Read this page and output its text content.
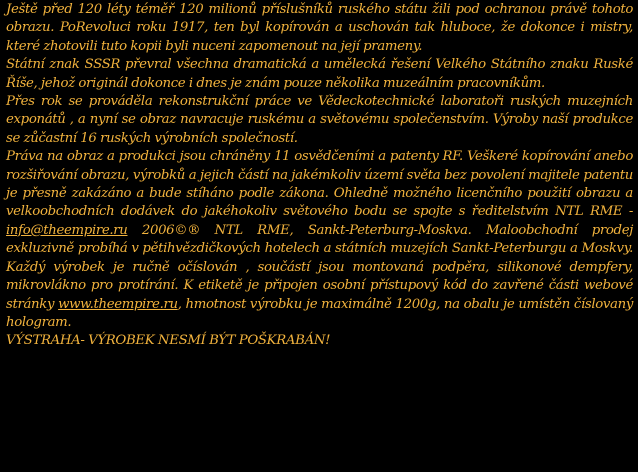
Ještě před 120 léty téměř 120 milionů příslušníků ruského státu žili pod ochranou právě tohoto obrazu. PoRevoluci roku 1917, ten byl kopírován a uschován tak hluboce, že dokonce i mistry, které zhotovili tuto kopii byli nuceni zapomenout na její prameny.

Státní znak SSSR převral všechna dramatická a umělecká řešení Velkého Státního znaku Ruské Říše, jehož originál dokonce i dnes je znám pouze několika muzeálním pracovníkům.

Přes rok se prováděla rekonstrukční práce ve Vědeckotechnické laboratoři ruských muzejních exponátů , a nyní se obraz navracuje ruskému a světovému společenstvím. Výroby naší produkce se zůčastní 16 ruských výrobních společností.

Práva na obraz a produkci jsou chráněny 11 osvědčeními a patenty RF. Veškeré kopírování anebo rozšiřování obrazu, výrobků a jejich částí na jakémkoliv území světa bez povolení majitele patentu je přesně zakázáno a bude stíháno podle zákona. Ohledně možného licenčního použití obrazu a velkoobchodních dodávek do jakéhokoliv světového bodu se spojte s ředitelstvím NTL RME - info@theempire.ru 2006©® NTL RME, Sankt-Peterburg-Moskva. Maloobchodní prodej exkluzivně probíhá v pětihvězdičkových hotelech a státních muzejích Sankt-Peterburgu a Moskvy. Každý výrobek je ručně očíslován , součástí jsou montovaná podpěra, silikonové dempfery, mikrovlákno pro protírání. K etiketě je připojen osobní přístupový kód do zavřené části webové stránky www.theempire.ru, hmotnost výrobku je maximálně 1200g, na obalu je umístěn číslovaný hologram.

VÝSTRAHA- VÝROBEK NESMÍ BÝT POŠKRABÁN!
